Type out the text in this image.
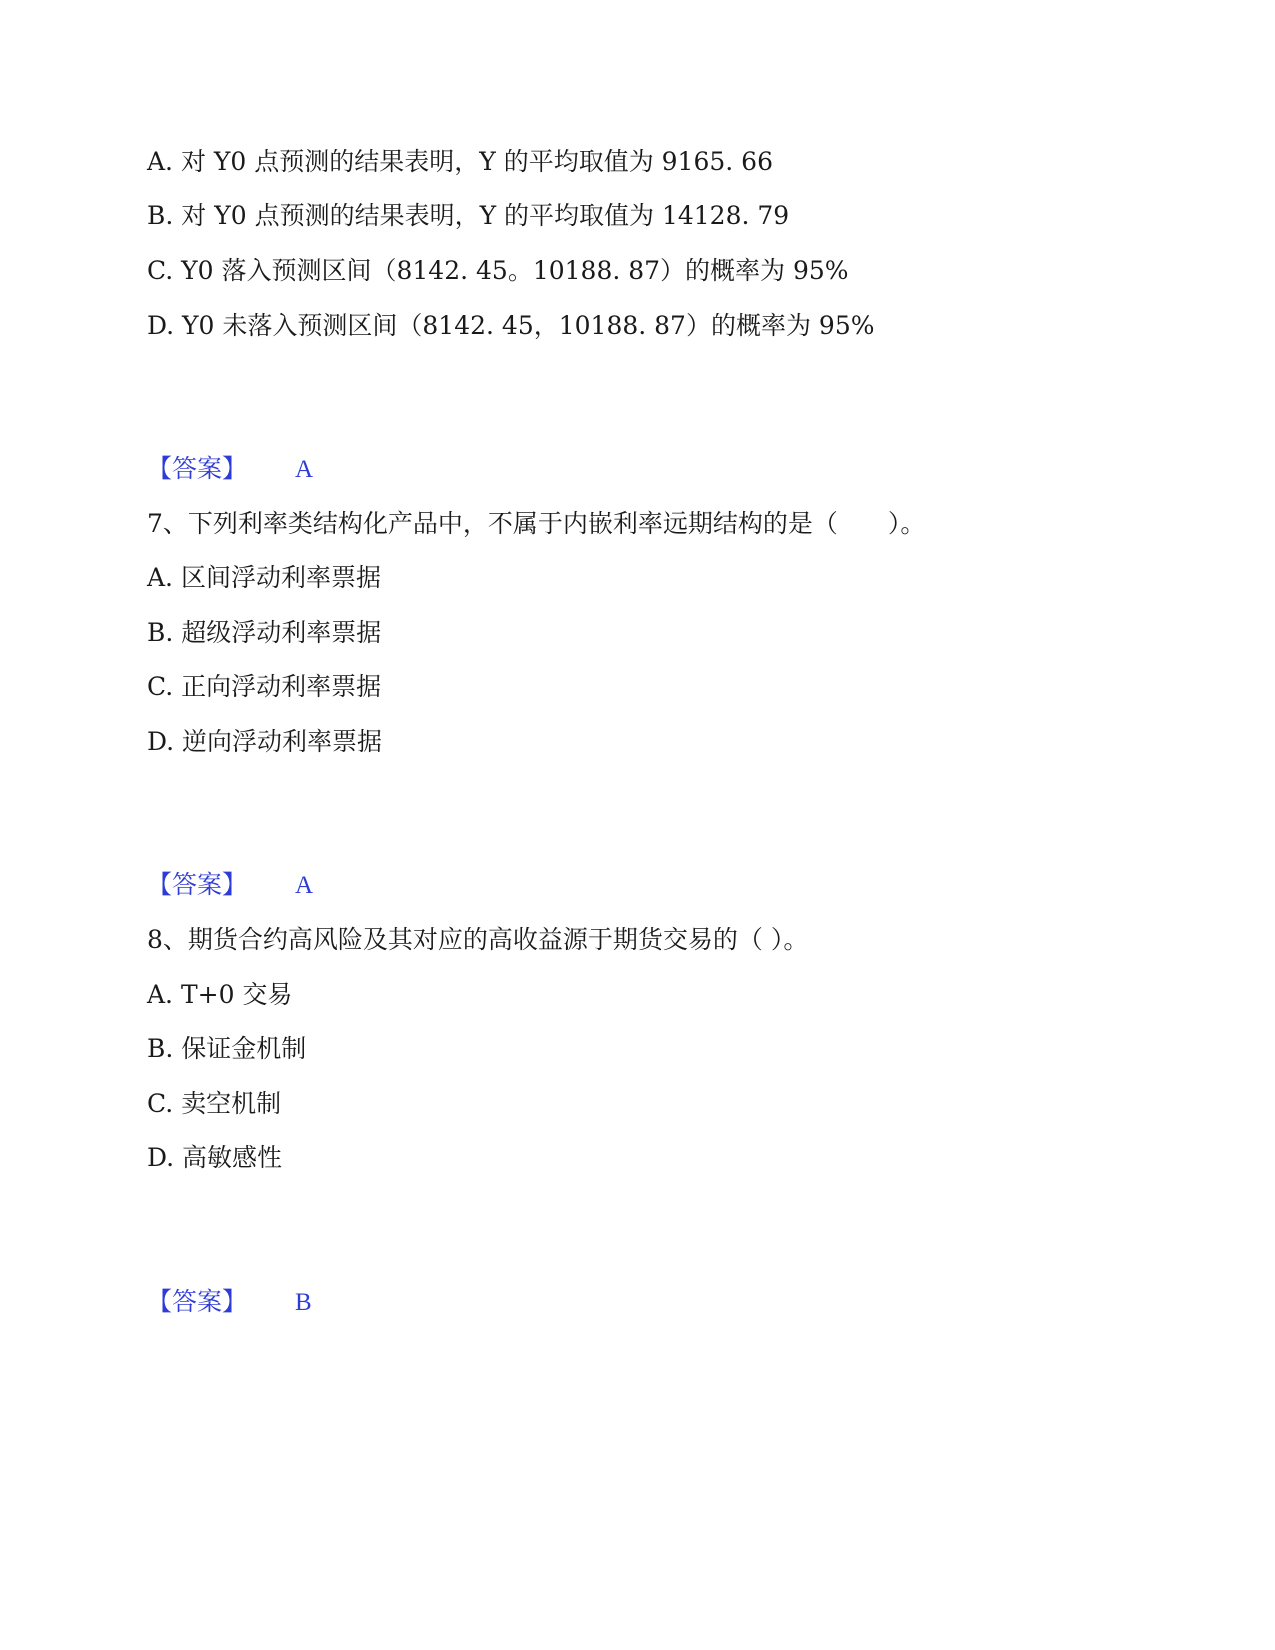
A. 对 Y0 点预测的结果表明，Y 的平均取值为 9165. 66
B. 对 Y0 点预测的结果表明，Y 的平均取值为 14128. 79
C. Y0 落入预测区间（8142. 45。10188. 87）的概率为 95%
D. Y0 未落入预测区间（8142. 45，10188. 87）的概率为 95%
【答案】 A
7、下列利率类结构化产品中，不属于内嵌利率远期结构的是（　　）。
A. 区间浮动利率票据
B. 超级浮动利率票据
C. 正向浮动利率票据
D. 逆向浮动利率票据
【答案】 A
8、期货合约高风险及其对应的高收益源于期货交易的（ ）。
A. T+0 交易
B. 保证金机制
C. 卖空机制
D. 高敏感性
【答案】 B
